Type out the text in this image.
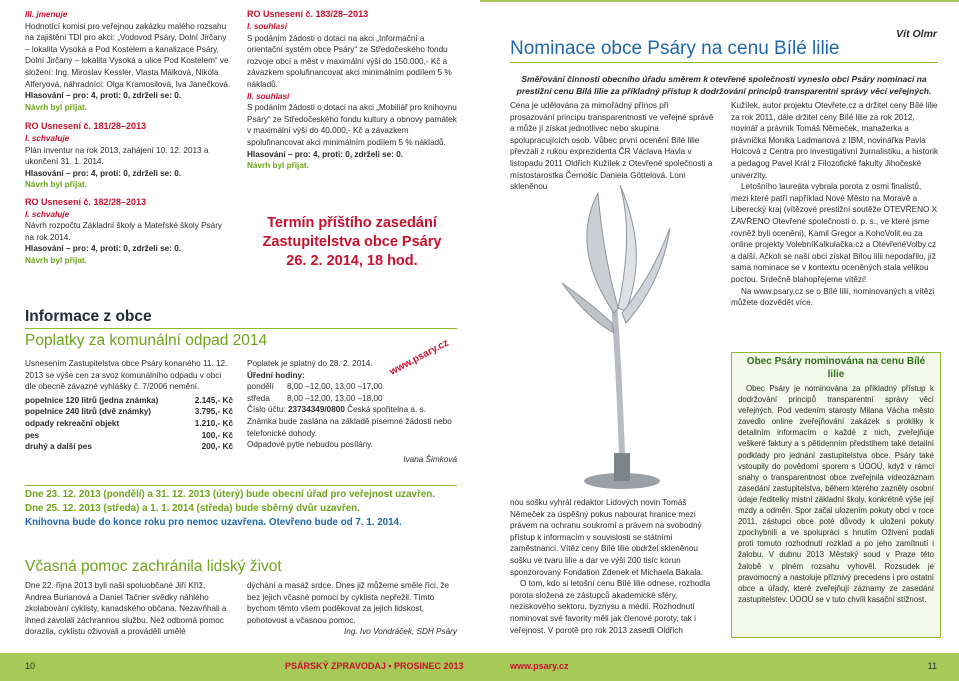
III. jmenuje
Hodnotící komisi pro veřejnou zakázku malého rozsahu na zajištění TDI pro akci: „Vodovod Psáry, Dolní Jirčany – lokalita Vysoká a Pod Kostelem a kanalizace Psáry, Dolní Jirčany – lokalita Vysoká a ulice Pod Kostelem“ ve složení: Ing. Miroslav Kessler, Vlasta Málková, Nikola Alferyová, náhradníci: Olga Kramosilová, Iva Janečková.
Hlasování – pro: 4, proti: 0, zdrželi se: 0.
Návrh byl přijat.
RO Usnesení č. 181/28–2013
I. schvaluje
Plán inventur na rok 2013, zahájení 10. 12. 2013 a ukončení 31. 1. 2014.
Hlasování – pro: 4, proti: 0, zdrželi se: 0.
Návrh byl přijat.
RO Usnesení č. 182/28–2013
I. schvaluje
Návrh rozpočtu Základní školy a Mateřské školy Psáry na rok 2014.
Hlasování – pro: 4, proti: 0, zdrželi se: 0.
Návrh byl přijat.
RO Usnesení č. 183/28–2013
I. souhlasí
S podáním žádosti o dotaci na akci „Informační a orientační systém obce Psáry“ ze Středočeského fondu rozvoje obcí a měst v maximální výši do 150.000,- Kč a závazkem spolufinancovat akci minimálním podílem 5 % nákladů.
II. souhlasí
S podáním žádosti o dotaci na akci „Mobiliář pro knihovnu Psáry“ ze Středočeského fondu kultury a obnovy památek v maximální výši do 40.000,- Kč a závazkem spolufinancovat akci minimálním podílem 5 % nákladů.
Hlasování – pro: 4, proti: 0, zdrželi se: 0.
Návrh byl přijat.
Termín příštího zasedání
Zastupitelstva obce Psáry
26. 2. 2014, 18 hod.
Informace z obce
Poplatky za komunální odpad 2014
Usnesením Zastupitelstva obce Psáry konaného 11. 12. 2013 se výše cen za svoz komunálního odpadu v obci dle obecně závazné vyhlášky č. 7/2006 nemění.
popelnice 120 litrů (jedna známka)	2.145,- Kč
popelnice 240 litrů (dvě známky)	3.795,- Kč
odpady rekreační objekt	1.210,- Kč
pes	100,- Kč
druhý a další pes	200,- Kč
Poplatek je splatný do 28. 2. 2014.
Úřední hodiny:
pondělí 8,00 –12,00, 13,00 –17,00
středa 8,00 –12,00, 13,00 –18,00
Číslo účtu: 23734349/0800 Česká spořitelna a. s.
Známka bude zaslána na základě písemné žádosti nebo telefonické dohody.
Odpadové pytle nebudou posílány.
Ivana Šimková
www.psary.cz
Dne 23. 12. 2013 (pondělí) a 31. 12. 2013 (úterý) bude obecní úřad pro veřejnost uzavřen.
Dne 25. 12. 2013 (středa) a 1. 1. 2014 (středa) bude sběrný dvůr uzavřen.
Knihovna bude do konce roku pro nemoc uzavřena. Otevřeno bude od 7. 1. 2014.
Včasná pomoc zachránila lidský život
Dne 22. října 2013 byli naši spoluobčané Jiří Kříž, Andrea Burianová a Daniel Tačner svědky náhlého zkolabování cyklisty, kanadského občana. Nezavňhali a ihned zavolali záchrannou službu. Než odborná pomoc dorazila, cyklistu oživovali a prováděli umělé
dýchání a masáž srdce. Dnes již můžeme směle říci, že bez jejich včasné pomoci by cyklista nepřežil. Tímto bychom těmto všem poděkovat za jejich lidskost, pohotovost a včasnou pomoc.
Ing. Ivo Vondráček, SDH Psáry
10	PSÁRSKÝ ZPRAVODAJ • PROSINEC 2013
Vít Olmr
Nominace obce Psáry na cenu Bílé lilie
Směřování činnosti obecního úřadu směrem k otevřené společnosti vyneslo obci Psáry nominaci na prestižní cenu Bílá lilie za příkladný přístup k dodržování principů transparentní správy věcí veřejných.
Cena je udělována za mimořádný přínos při prosazování principu transparentnosti ve veřejné správě a může jí získat jednotlivec nebo skupina spolupracujících osob. Vůbec první ocenění Bílé lilie převzali z rukou exprezidenta ČR Václava Havla v listopadu 2011 Oldřich Kužílek z Otevřené společnosti a místostarostka Černošic Daniela Göttelová. Loni skleněnou
nou sošku vyhrál redaktor Lidových novin Tomáš Němeček za úspěšný pokus nabourat hranice mezi právem na ochranu soukromí a právem na svobodný přístup k informacím v souvislosti se státními zaměstnanci. Vítěz ceny Bílé lilie obdržel skleněnou sošku ve tvaru lilie a dar ve výši 200 tisíc korun sponzorovaný Fondation Zdenek et Michaela Bakala.
O tom, kdo si letošní cenu Bílé lilie odnese, rozhodla porota složená ze zástupců akademické sféry, neziskového sektoru, byznysu a médií. Rozhodnutí nominovat své favority měli jak členové poroty, tak i veřejnost. V porotě pro rok 2013 zasedli Oldřich
Kužílek, autor projektu Otevřete.cz a držitel ceny Bílé lilie za rok 2011, dále držitel ceny Bílé lilie za rok 2012, novinář a právník Tomáš Němeček, manažerka a právnička Monika Ladmanová z IBM, novinářka Pavla Holcová z Centra pro investigativní žurnalistiku, a historik a pedagog Pavel Král z Filozofické fakulty Jihočeské univerzity.
Letošního laureáta vybrala porota z osmi finalistů, mezi které patří například Nové Město na Moravě a Liberecký kraj (vítězové prestižní soutěže OTEVŘENO X ZAVŘENO Otevřené společnosti o. p. s., ve které jsme rovněž byli oceněni), Kamil Gregor a KohoVolit.eu za online projekty VolebníKalkulačka.cz a OtevřenéVolby.cz a další. Ačkoli se naší obci získat Bílou lilii nepodařilo, již sama nominace se v kontextu oceněných stala velikou poctou. Srdečně blahopřejeme vítězi!
Na www.psary.cz se o Bílé lilii, nominovaných a vítězi můžete dozvědět více.
Obec Psáry nominována na cenu Bílé lilie
Obec Psáry je nominována za příkladný přístup k dodržování principů transparentní správy věcí veřejných. Pod vedením starosty Milana Vácha město zavedlo online zveřejňování zakázek s prokliky k detailním informacím o každé z nich, zveřejňuje veškeré faktury a s pětidenním předstihem také detailní podklady pro jednání zastupitelstva obce. Psáry také vstoupily do povědomí sporem s ÚOOÚ, když v rámci snahy o transparentnost obce zveřejnila videozáznam zasedání zastupitelstva, během kterého zazněly osobní údaje ředitelky mistní základní školy, konkrétně výše její mzdy a odměn. Spor začal ulozením pokuty obci v roce 2011, zástupci obce poté důvody k uložení pokuty zpochybnili a ve spolupráci s hnutím Oživení podali proti tomuto rozhodnutí rozklad a po jeho zamítnutí i žalobu. V dubnu 2013 Městský soud v Praze této žalobě v plném rozsahu vyhověl. Rozsudek je pravomocný a nastoluje příznivý precedens i pro ostatní obce a úřady, které zveřejňují záznamy ze zasedání zastupitelstev. ÚOOÚ se v tuto chvíli kasační stížnost.
www.psary.cz	11
